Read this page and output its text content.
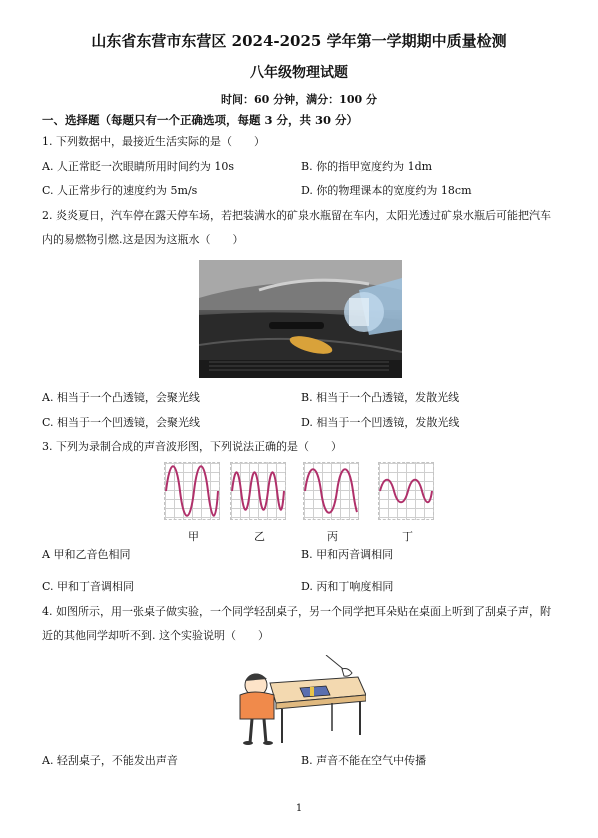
山东省东营市东营区 2024-2025 学年第一学期期中质量检测
八年级物理试题
时间：60 分钟，满分：100 分
一、选择题（每题只有一个正确选项，每题 3 分，共 30 分）
1. 下列数据中，最接近生活实际的是（　　）
A. 人正常眨一次眼睛所用时间约为 10s	B. 你的指甲宽度约为 1dm
C. 人正常步行的速度约为 5m/s	D. 你的物理课本的宽度约为 18cm
2. 炎炎夏日，汽车停在露天停车场，若把装满水的矿泉水瓶留在车内，太阳光透过矿泉水瓶后可能把汽车
内的易燃物引燃.这是因为这瓶水（　　）
A. 相当于一个凸透镜，会聚光线	B. 相当于一个凸透镜，发散光线
C. 相当于一个凹透镜，会聚光线	D. 相当于一个凹透镜，发散光线
3. 下列为录制合成的声音波形图，下列说法正确的是（　　）
甲	乙	丙	丁
A 甲和乙音色相同	B. 甲和丙音调相同
C. 甲和丁音调相同	D. 丙和丁响度相同
4. 如图所示，用一张桌子做实验，一个同学轻刮桌子，另一个同学把耳朵贴在桌面上听到了刮桌子声，附
近的其他同学却听不到. 这个实验说明（　　）
A. 轻刮桌子，不能发出声音	B. 声音不能在空气中传播
1
